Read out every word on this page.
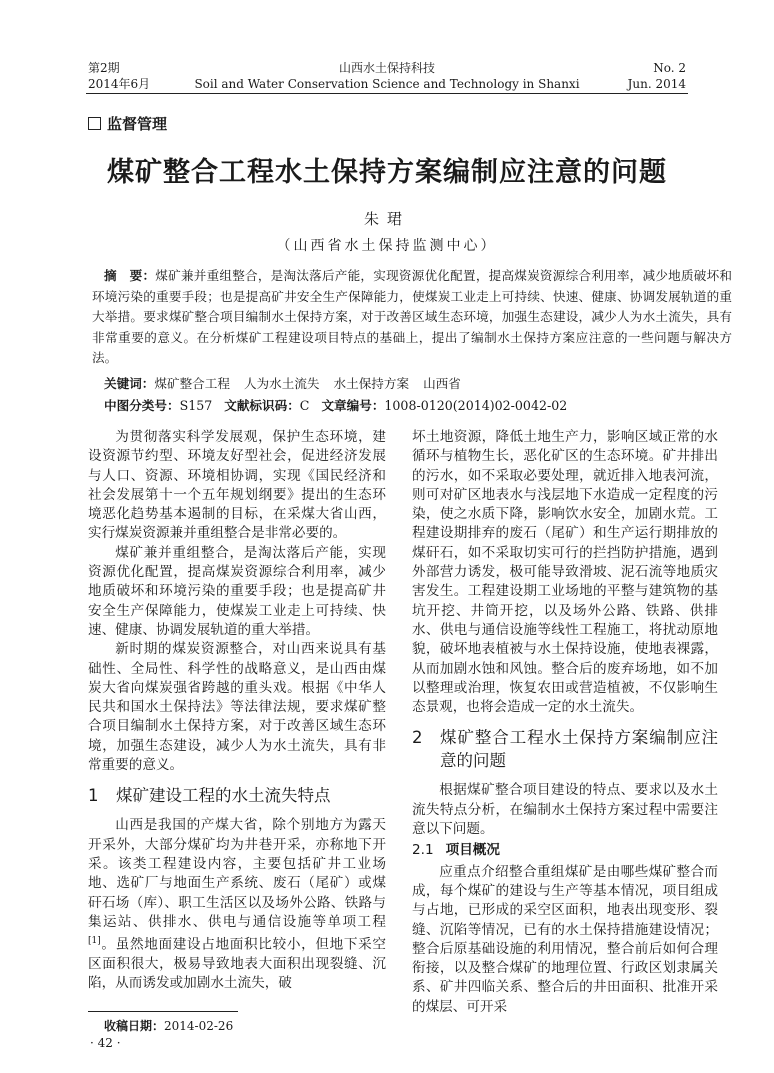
第2期
2014年6月
山西水土保持科技
Soil and Water Conservation Science and Technology in Shanxi
No. 2
Jun. 2014
监督管理
煤矿整合工程水土保持方案编制应注意的问题
朱珺
（山西省水土保持监测中心）
摘　要：煤矿兼并重组整合，是淘汰落后产能，实现资源优化配置，提高煤炭资源综合利用率，减少地质破坏和环境污染的重要手段；也是提高矿井安全生产保障能力，使煤炭工业走上可持续、快速、健康、协调发展轨道的重大举措。要求煤矿整合项目编制水土保持方案，对于改善区域生态环境，加强生态建设，减少人为水土流失，具有非常重要的意义。在分析煤矿工程建设项目特点的基础上，提出了编制水土保持方案应注意的一些问题与解决方法。
关键词：煤矿整合工程 人为水土流失 水土保持方案 山西省
中图分类号：S157 文献标识码：C 文章编号：1008-0120(2014)02-0042-02

为贯彻落实科学发展观，保护生态环境，建设资源节约型、环境友好型社会，促进经济发展与人口、资源、环境相协调，实现《国民经济和社会发展第十一个五年规划纲要》提出的生态环境恶化趋势基本遏制的目标，在采煤大省山西，实行煤炭资源兼并重组整合是非常必要的。

煤矿兼并重组整合，是淘汰落后产能，实现资源优化配置，提高煤炭资源综合利用率，减少地质破坏和环境污染的重要手段；也是提高矿井安全生产保障能力，使煤炭工业走上可持续、快速、健康、协调发展轨道的重大举措。

新时期的煤炭资源整合，对山西来说具有基础性、全局性、科学性的战略意义，是山西由煤炭大省向煤炭强省跨越的重头戏。根据《中华人民共和国水土保持法》等法律法规，要求煤矿整合项目编制水土保持方案，对于改善区域生态环境，加强生态建设，减少人为水土流失，具有非常重要的意义。

1	煤矿建设工程的水土流失特点

山西是我国的产煤大省，除个别地方为露天开采外，大部分煤矿均为井巷开采，亦称地下开采。该类工程建设内容，主要包括矿井工业场地、选矿厂与地面生产系统、废石（尾矿）或煤矸石场（库）、职工生活区以及场外公路、铁路与集运站、供排水、供电与通信设施等单项工程[1]。虽然地面建设占地面积比较小，但地下采空区面积很大，极易导致地表大面积出现裂缝、沉陷，从而诱发或加剧水土流失，破

坏土地资源，降低土地生产力，影响区域正常的水循环与植物生长，恶化矿区的生态环境。矿井排出的污水，如不采取必要处理，就近排入地表河流，则可对矿区地表水与浅层地下水造成一定程度的污染，使之水质下降，影响饮水安全，加剧水荒。工程建设期排弃的废石（尾矿）和生产运行期排放的煤矸石，如不采取切实可行的拦挡防护措施，遇到外部营力诱发，极可能导致滑坡、泥石流等地质灾害发生。工程建设期工业场地的平整与建筑物的基坑开挖、井筒开挖，以及场外公路、铁路、供排水、供电与通信设施等线性工程施工，将扰动原地貌，破坏地表植被与水土保持设施，使地表裸露，从而加剧水蚀和风蚀。整合后的废弃场地，如不加以整理或治理，恢复农田或营造植被，不仅影响生态景观，也将会造成一定的水土流失。

2	煤矿整合工程水土保持方案编制应注意的问题

根据煤矿整合项目建设的特点、要求以及水土流失特点分析，在编制水土保持方案过程中需要注意以下问题。

2.1 项目概况

应重点介绍整合重组煤矿是由哪些煤矿整合而成，每个煤矿的建设与生产等基本情况，项目组成与占地，已形成的采空区面积，地表出现变形、裂缝、沉陷等情况，已有的水土保持措施建设情况；整合后原基础设施的利用情况，整合前后如何合理衔接，以及整合煤矿的地理位置、行政区划隶属关系、矿井四临关系、整合后的井田面积、批准开采的煤层、可开采

收稿日期：2014-02-26
· 42 ·
